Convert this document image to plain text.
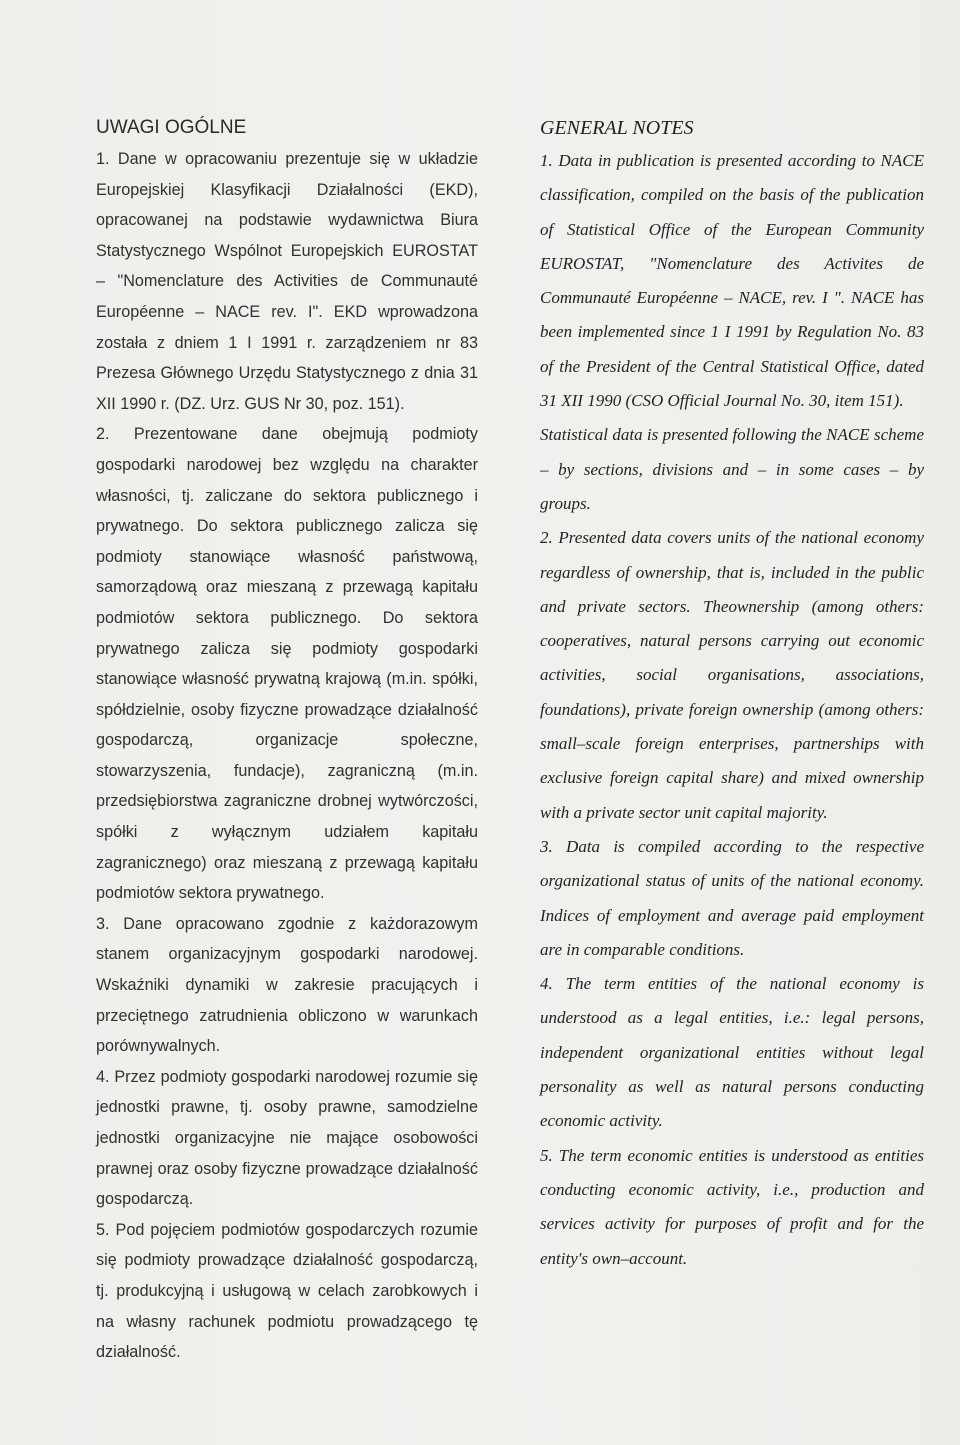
UWAGI OGÓLNE

1. Dane w opracowaniu prezentuje się w układzie Europejskiej Klasyfikacji Działalności (EKD), opracowanej na podstawie wydawnictwa Biura Statystycznego Wspólnot Europejskich EUROSTAT – "Nomenclature des Activities de Communauté Européenne – NACE rev. I". EKD wprowadzona została z dniem 1 I 1991 r. zarządzeniem nr 83 Prezesa Głównego Urzędu Statystycznego z dnia 31 XII 1990 r. (DZ. Urz. GUS Nr 30, poz. 151).

2. Prezentowane dane obejmują podmioty gospodarki narodowej bez względu na charakter własności, tj. zaliczane do sektora publicznego i prywatnego. Do sektora publicznego zalicza się podmioty stanowiące własność państwową, samorządową oraz mieszaną z przewagą kapitału podmiotów sektora publicznego. Do sektora prywatnego zalicza się podmioty gospodarki stanowiące własność prywatną krajową (m.in. spółki, spółdzielnie, osoby fizyczne prowadzące działalność gospodarczą, organizacje społeczne, stowarzyszenia, fundacje), zagraniczną (m.in. przedsiębiorstwa zagraniczne drobnej wytwórczości, spółki z wyłącznym udziałem kapitału zagranicznego) oraz mieszaną z przewagą kapitału podmiotów sektora prywatnego.

3. Dane opracowano zgodnie z każdorazowym stanem organizacyjnym gospodarki narodowej. Wskaźniki dynamiki w zakresie pracujących i przeciętnego zatrudnienia obliczono w warunkach porównywalnych.

4. Przez podmioty gospodarki narodowej rozumie się jednostki prawne, tj. osoby prawne, samodzielne jednostki organizacyjne nie mające osobowości prawnej oraz osoby fizyczne prowadzące działalność gospodarczą.

5. Pod pojęciem podmiotów gospodarczych rozumie się podmioty prowadzące działalność gospodarczą, tj. produkcyjną i usługową w celach zarobkowych i na własny rachunek podmiotu prowadzącego tę działalność.

GENERAL NOTES

1. Data in publication is presented according to NACE classification, compiled on the basis of the publication of Statistical Office of the European Community EUROSTAT, "Nomenclature des Activites de Communauté Européenne – NACE, rev. I ". NACE has been implemented since 1 I 1991 by Regulation No. 83 of the President of the Central Statistical Office, dated 31 XII 1990 (CSO Official Journal No. 30, item 151).

Statistical data is presented following the NACE scheme – by sections, divisions and – in some cases – by groups.

2. Presented data covers units of the national economy regardless of ownership, that is, included in the public and private sectors. Theownership (among others: cooperatives, natural persons carrying out economic activities, social organisations, associations, foundations), private foreign ownership (among others: small–scale foreign enterprises, partnerships with exclusive foreign capital share) and mixed ownership with a private sector unit capital majority.

3. Data is compiled according to the respective organizational status of units of the national economy. Indices of employment and average paid employment are in comparable conditions.

4. The term entities of the national economy is understood as a legal entities, i.e.: legal persons, independent organizational entities without legal personality as well as natural persons conducting economic activity.

5. The term economic entities is understood as entities conducting economic activity, i.e., production and services activity for purposes of profit and for the entity's own–account.
